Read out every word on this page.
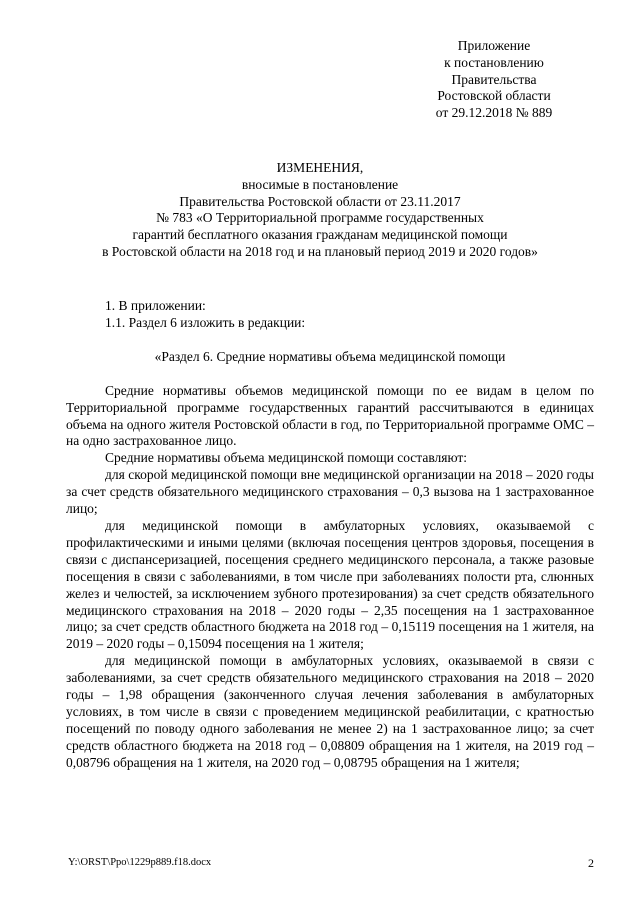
Приложение
к постановлению
Правительства
Ростовской области
от 29.12.2018 № 889
ИЗМЕНЕНИЯ,
вносимые в постановление
Правительства Ростовской области от 23.11.2017
№ 783 «О Территориальной программе государственных
гарантий бесплатного оказания гражданам медицинской помощи
в Ростовской области на 2018 год и на плановый период 2019 и 2020 годов»

1. В приложении:

1.1. Раздел 6 изложить в редакции:

«Раздел 6. Средние нормативы объема медицинской помощи

Средние нормативы объемов медицинской помощи по ее видам в целом по Территориальной программе государственных гарантий рассчитываются в единицах объема на одного жителя Ростовской области в год, по Территориальной программе ОМС – на одно застрахованное лицо.

Средние нормативы объема медицинской помощи составляют:

для скорой медицинской помощи вне медицинской организации на 2018 – 2020 годы за счет средств обязательного медицинского страхования – 0,3 вызова на 1 застрахованное лицо;

для медицинской помощи в амбулаторных условиях, оказываемой с профилактическими и иными целями (включая посещения центров здоровья, посещения в связи с диспансеризацией, посещения среднего медицинского персонала, а также разовые посещения в связи с заболеваниями, в том числе при заболеваниях полости рта, слюнных желез и челюстей, за исключением зубного протезирования) за счет средств обязательного медицинского страхования на 2018 – 2020 годы – 2,35 посещения на 1 застрахованное лицо; за счет средств областного бюджета на 2018 год – 0,15119 посещения на 1 жителя, на 2019 – 2020 годы – 0,15094 посещения на 1 жителя;

для медицинской помощи в амбулаторных условиях, оказываемой в связи с заболеваниями, за счет средств обязательного медицинского страхования на 2018 – 2020 годы – 1,98 обращения (законченного случая лечения заболевания в амбулаторных условиях, в том числе в связи с проведением медицинской реабилитации, с кратностью посещений по поводу одного заболевания не менее 2) на 1 застрахованное лицо; за счет средств областного бюджета на 2018 год – 0,08809 обращения на 1 жителя, на 2019 год – 0,08796 обращения на 1 жителя, на 2020 год – 0,08795 обращения на 1 жителя;

Y:\ORST\Ppo\1229p889.f18.docx	2
